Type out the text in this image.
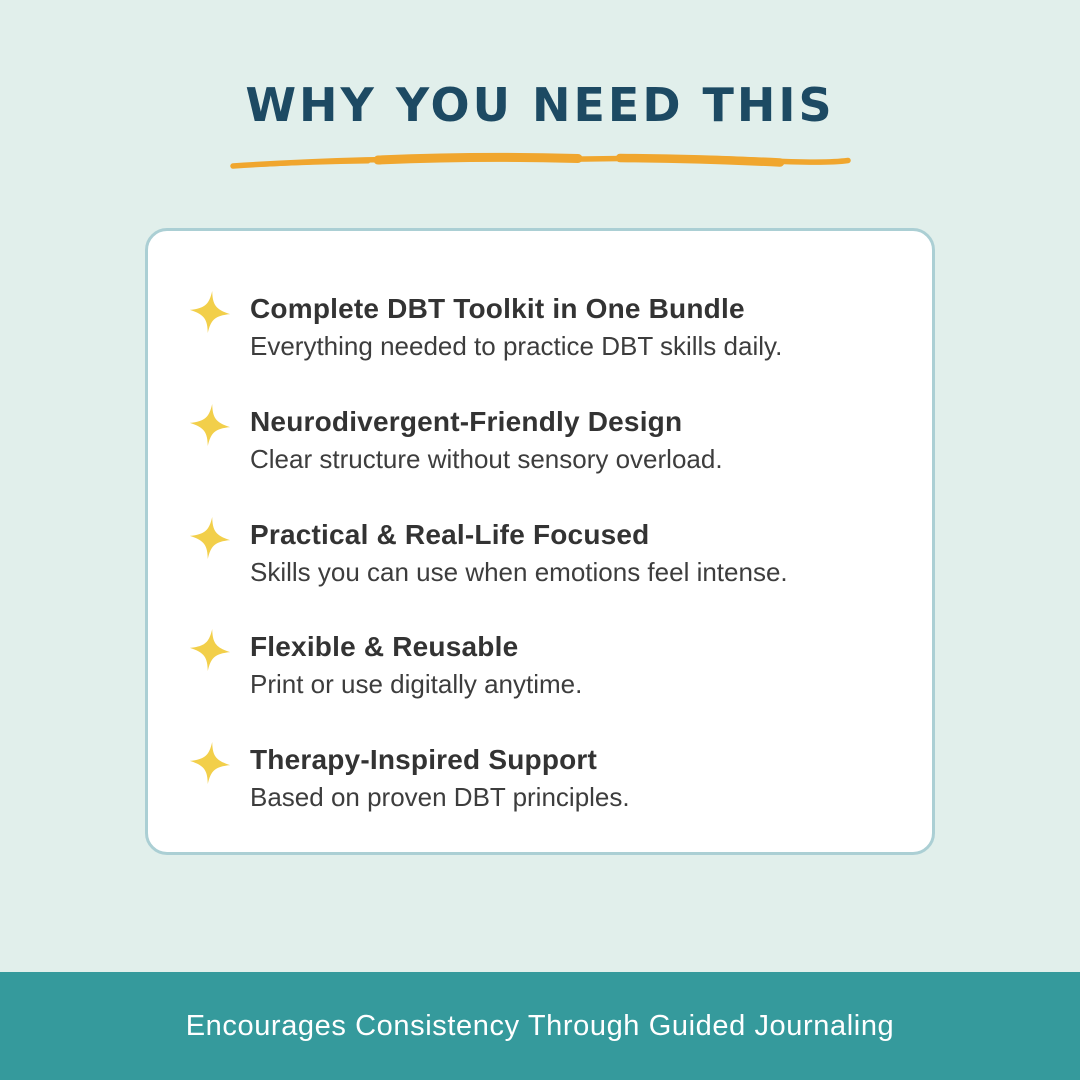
WHY YOU NEED THIS
Complete DBT Toolkit in One Bundle
Everything needed to practice DBT skills daily.
Neurodivergent-Friendly Design
Clear structure without sensory overload.
Practical & Real-Life Focused
Skills you can use when emotions feel intense.
Flexible & Reusable
Print or use digitally anytime.
Therapy-Inspired Support
Based on proven DBT principles.
Encourages Consistency Through Guided Journaling
